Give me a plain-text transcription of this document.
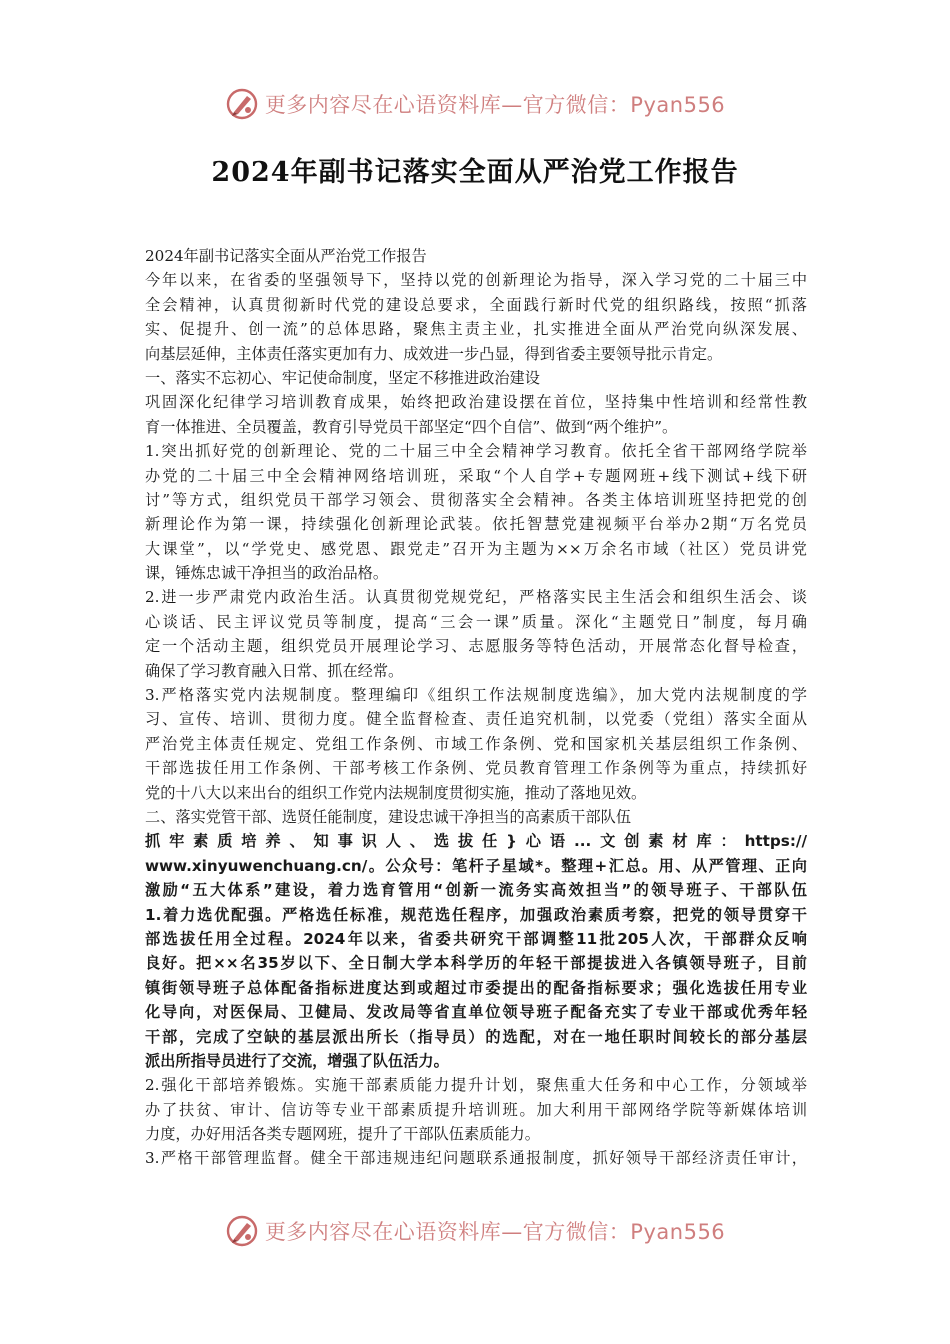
更多内容尽在心语资料库—官方微信：Pyan556
2024年副书记落实全面从严治党工作报告
2024年副书记落实全面从严治党工作报告
今年以来，在省委的坚强领导下，坚持以党的创新理论为指导，深入学习党的二十届三中
全会精神，认真贯彻新时代党的建设总要求，全面践行新时代党的组织路线，按照“抓落
实、促提升、创一流”的总体思路，聚焦主责主业，扎实推进全面从严治党向纵深发展、
向基层延伸，主体责任落实更加有力、成效进一步凸显，得到省委主要领导批示肯定。
一、落实不忘初心、牢记使命制度，坚定不移推进政治建设
巩固深化纪律学习培训教育成果，始终把政治建设摆在首位，坚持集中性培训和经常性教
育一体推进、全员覆盖，教育引导党员干部坚定“四个自信”、做到“两个维护”。
1.突出抓好党的创新理论、党的二十届三中全会精神学习教育。依托全省干部网络学院举
办党的二十届三中全会精神网络培训班，采取“个人自学+专题网班+线下测试+线下研
讨”等方式，组织党员干部学习领会、贯彻落实全会精神。各类主体培训班坚持把党的创
新理论作为第一课，持续强化创新理论武装。依托智慧党建视频平台举办2期“万名党员
大课堂”，以“学党史、感党恩、跟党走”召开为主题为××万余名市域（社区）党员讲党
课，锤炼忠诚干净担当的政治品格。
2.进一步严肃党内政治生活。认真贯彻党规党纪，严格落实民主生活会和组织生活会、谈
心谈话、民主评议党员等制度，提高“三会一课”质量。深化“主题党日”制度，每月确
定一个活动主题，组织党员开展理论学习、志愿服务等特色活动，开展常态化督导检查，
确保了学习教育融入日常、抓在经常。
3.严格落实党内法规制度。整理编印《组织工作法规制度选编》，加大党内法规制度的学
习、宣传、培训、贯彻力度。健全监督检查、责任追究机制，以党委（党组）落实全面从
严治党主体责任规定、党组工作条例、市域工作条例、党和国家机关基层组织工作条例、
干部选拔任用工作条例、干部考核工作条例、党员教育管理工作条例等为重点，持续抓好
党的十八大以来出台的组织工作党内法规制度贯彻实施，推动了落地见效。
二、落实党管干部、选贤任能制度，建设忠诚干净担当的高素质干部队伍
抓牢素质培养、知事识人、选拔任}心语...文创素材库：https://
www.xinyuwenchuang.cn/。公众号：笔杆子星域*。整理+汇总。用、从严管理、正向
激励“五大体系”建设，着力选育管用“创新一流务实高效担当”的领导班子、干部队伍
1.着力选优配强。严格选任标准，规范选任程序，加强政治素质考察，把党的领导贯穿干
部选拔任用全过程。2024年以来，省委共研究干部调整11批205人次，干部群众反响
良好。把××名35岁以下、全日制大学本科学历的年轻干部提拔进入各镇领导班子，目前
镇街领导班子总体配备指标进度达到或超过市委提出的配备指标要求；强化选拔任用专业
化导向，对医保局、卫健局、发改局等省直单位领导班子配备充实了专业干部或优秀年轻
干部，完成了空缺的基层派出所长（指导员）的选配，对在一地任职时间较长的部分基层
派出所指导员进行了交流，增强了队伍活力。
2.强化干部培养锻炼。实施干部素质能力提升计划，聚焦重大任务和中心工作，分领域举
办了扶贫、审计、信访等专业干部素质提升培训班。加大利用干部网络学院等新媒体培训
力度，办好用活各类专题网班，提升了干部队伍素质能力。
3.严格干部管理监督。健全干部违规违纪问题联系通报制度，抓好领导干部经济责任审计，
更多内容尽在心语资料库—官方微信：Pyan556
